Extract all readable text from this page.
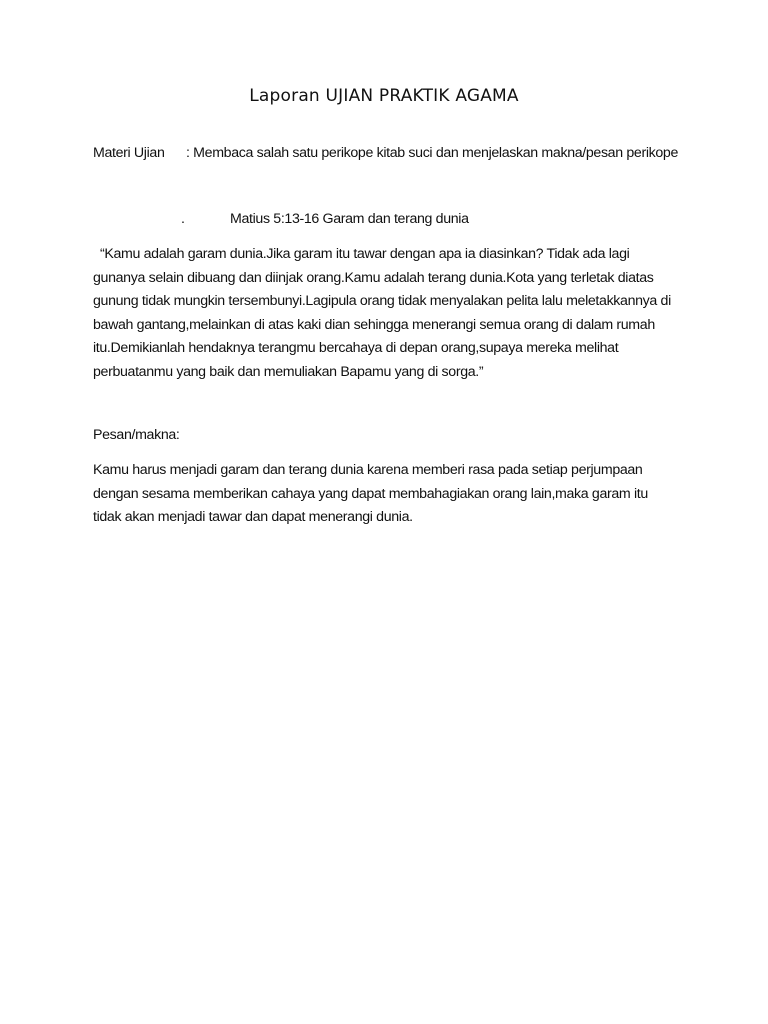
Laporan UJIAN PRAKTIK AGAMA
Materi Ujian : Membaca salah satu perikope kitab suci dan menjelaskan makna/pesan perikope
.	Matius 5:13-16 Garam dan terang dunia

“Kamu adalah garam dunia.Jika garam itu tawar dengan apa ia diasinkan? Tidak ada lagi gunanya selain dibuang dan diinjak orang.Kamu adalah terang dunia.Kota yang terletak diatas gunung tidak mungkin tersembunyi.Lagipula orang tidak menyalakan pelita lalu meletakkannya di bawah gantang,melainkan di atas kaki dian sehingga menerangi semua orang di dalam rumah itu.Demikianlah hendaknya terangmu bercahaya di depan orang,supaya mereka melihat perbuatanmu yang baik dan memuliakan Bapamu yang di sorga.”

Pesan/makna:

Kamu harus menjadi garam dan terang dunia karena memberi rasa pada setiap perjumpaan dengan sesama memberikan cahaya yang dapat membahagiakan orang lain,maka garam itu tidak akan menjadi tawar dan dapat menerangi dunia.
